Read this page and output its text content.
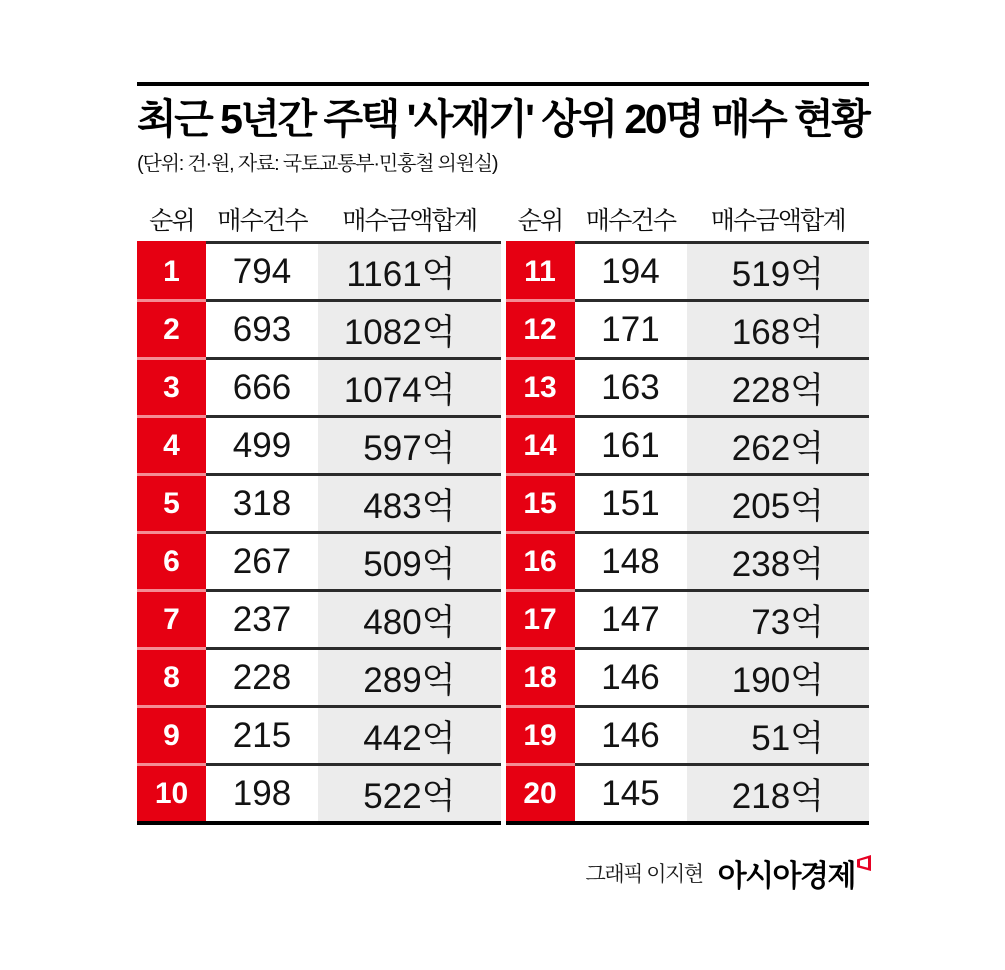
최근 5년간 주택 '사재기' 상위 20명 매수 현황
(단위: 건·원, 자료: 국토교통부·민홍철 의원실)
순위 매수건수	매수금액합계
1	794	1161억
2	693	1082억
3	666	1074억
4	499	597억
5	318	483억
6	267	509억
7	237	480억
8	228	289억
9	215	442억
10	198	522억
순위 매수건수	매수금액합계
11	194	519억
12	171	168억
13	163	228억
14	161	262억
15	151	205억
16	148	238억
17	147	73억
18	146	190억
19	146	51억
20	145	218억
그래픽 이지현 아시아경제
